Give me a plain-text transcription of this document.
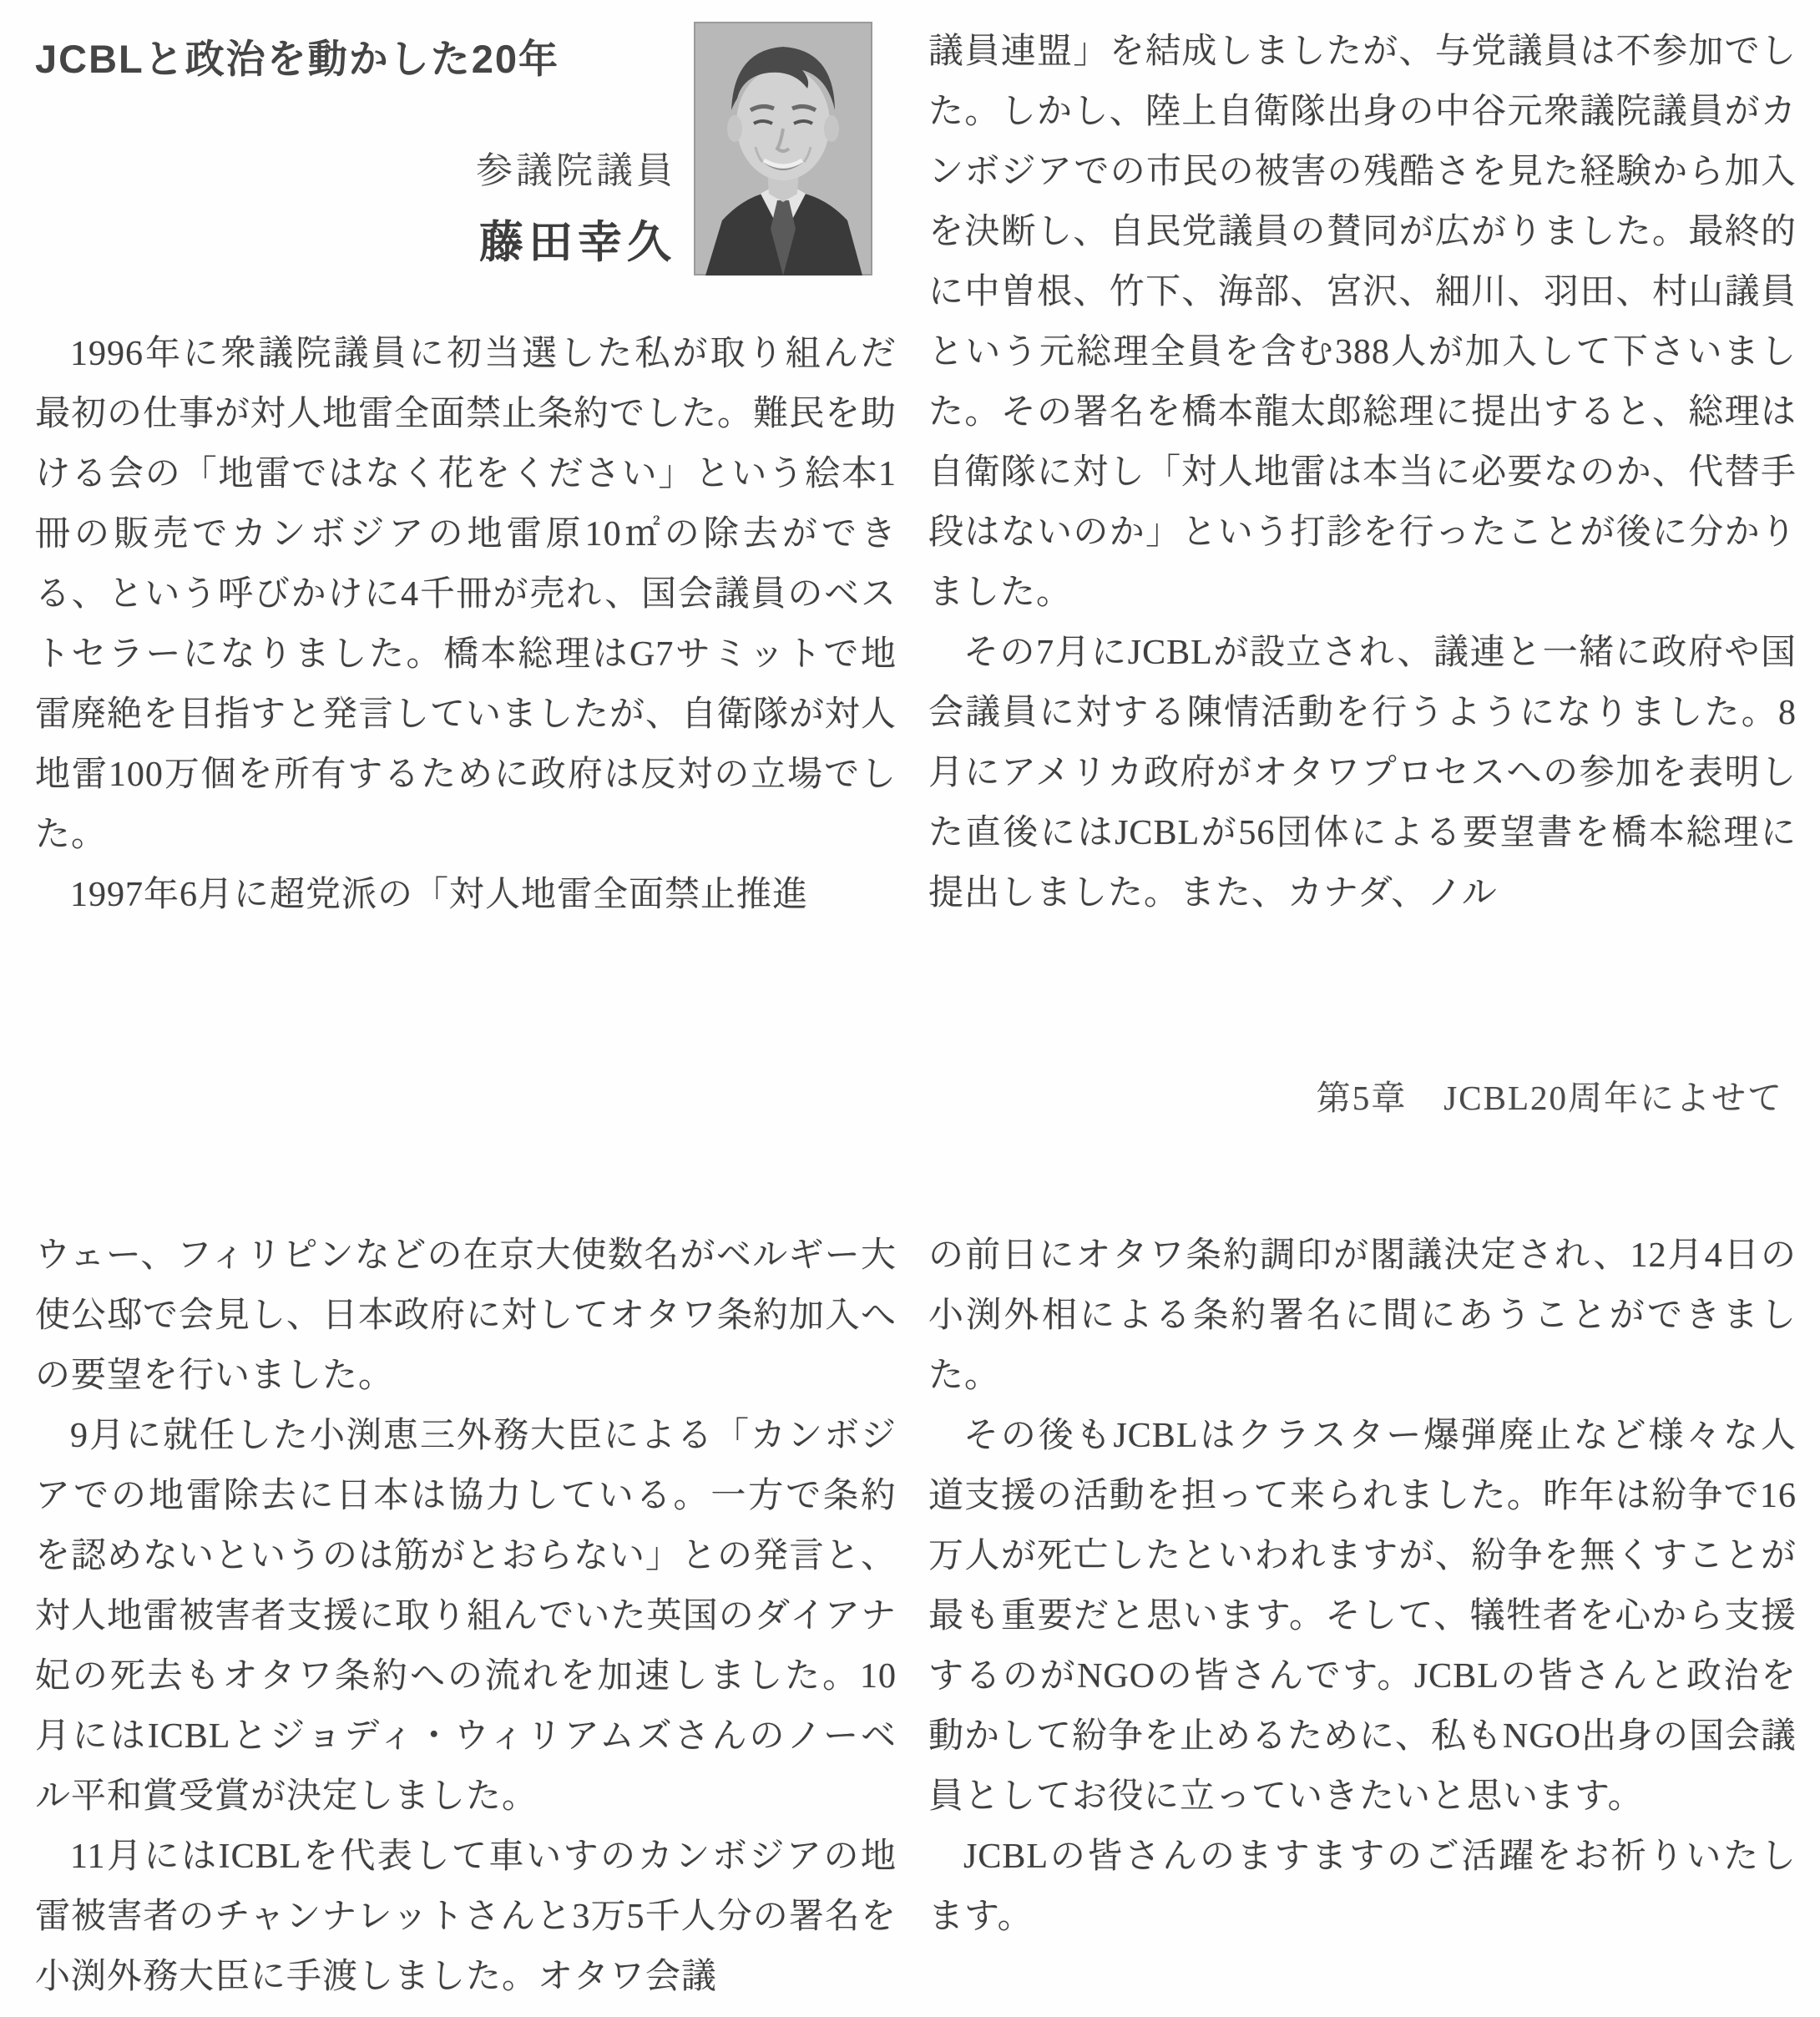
JCBLと政治を動かした20年
参議院議員
藤田幸久

1996年に衆議院議員に初当選した私が取り組んだ最初の仕事が対人地雷全面禁止条約でした。難民を助ける会の「地雷ではなく花をください」という絵本1冊の販売でカンボジアの地雷原10㎡の除去ができる、という呼びかけに4千冊が売れ、国会議員のベストセラーになりました。橋本総理はG7サミットで地雷廃絶を目指すと発言していましたが、自衛隊が対人地雷100万個を所有するために政府は反対の立場でした。

1997年6月に超党派の「対人地雷全面禁止推進

議員連盟」を結成しましたが、与党議員は不参加でした。しかし、陸上自衛隊出身の中谷元衆議院議員がカンボジアでの市民の被害の残酷さを見た経験から加入を決断し、自民党議員の賛同が広がりました。最終的に中曽根、竹下、海部、宮沢、細川、羽田、村山議員という元総理全員を含む388人が加入して下さいました。その署名を橋本龍太郎総理に提出すると、総理は自衛隊に対し「対人地雷は本当に必要なのか、代替手段はないのか」という打診を行ったことが後に分かりました。

その7月にJCBLが設立され、議連と一緒に政府や国会議員に対する陳情活動を行うようになりました。8月にアメリカ政府がオタワプロセスへの参加を表明した直後にはJCBLが56団体による要望書を橋本総理に提出しました。また、カナダ、ノル

第5章 JCBL20周年によせて

ウェー、フィリピンなどの在京大使数名がベルギー大使公邸で会見し、日本政府に対してオタワ条約加入への要望を行いました。

9月に就任した小渕恵三外務大臣による「カンボジアでの地雷除去に日本は協力している。一方で条約を認めないというのは筋がとおらない」との発言と、対人地雷被害者支援に取り組んでいた英国のダイアナ妃の死去もオタワ条約への流れを加速しました。10月にはICBLとジョディ・ウィリアムズさんのノーベル平和賞受賞が決定しました。

11月にはICBLを代表して車いすのカンボジアの地雷被害者のチャンナレットさんと3万5千人分の署名を小渕外務大臣に手渡しました。オタワ会議

の前日にオタワ条約調印が閣議決定され、12月4日の小渕外相による条約署名に間にあうことができました。

その後もJCBLはクラスター爆弾廃止など様々な人道支援の活動を担って来られました。昨年は紛争で16万人が死亡したといわれますが、紛争を無くすことが最も重要だと思います。そして、犠牲者を心から支援するのがNGOの皆さんです。JCBLの皆さんと政治を動かして紛争を止めるために、私もNGO出身の国会議員としてお役に立っていきたいと思います。

JCBLの皆さんのますますのご活躍をお祈りいたします。
